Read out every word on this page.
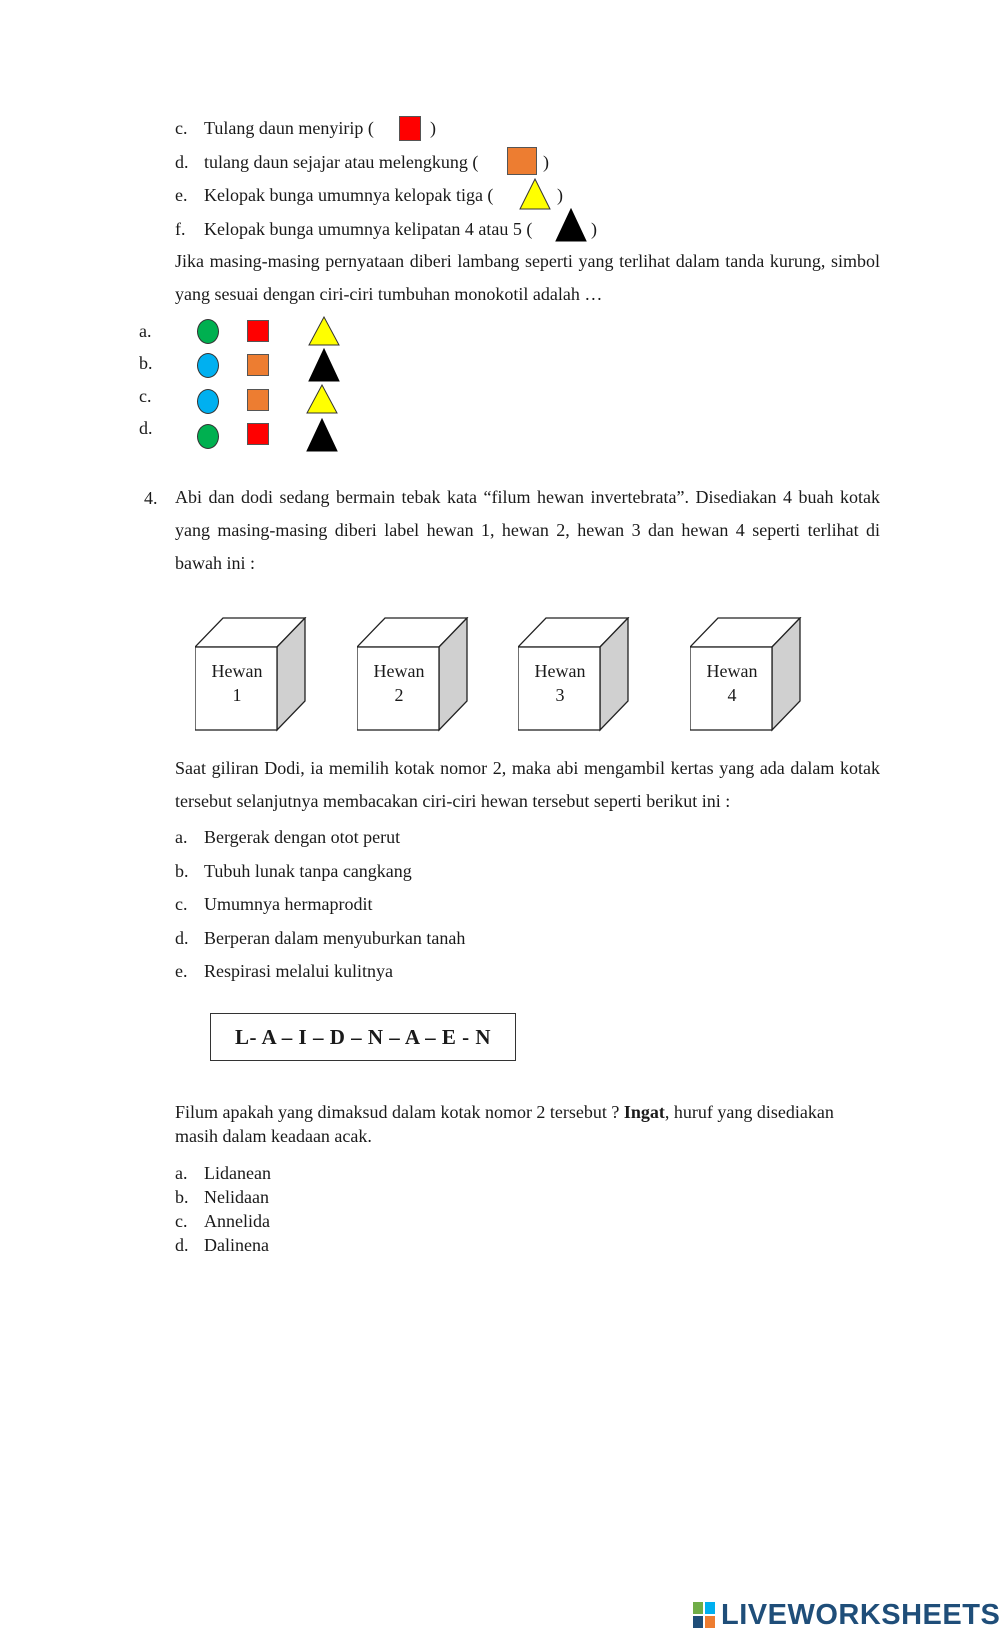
c. Tulang daun menyirip (	)
d. tulang daun sejajar atau melengkung (	)
e. Kelopak bunga umumnya kelopak tiga (	)
f. Kelopak bunga umumnya kelipatan 4 atau 5 (	)
Jika masing-masing pernyataan diberi lambang seperti yang terlihat dalam tanda kurung, simbol yang sesuai dengan ciri-ciri tumbuhan monokotil adalah …
a.
b.
c.
d.
4. Abi dan dodi sedang bermain tebak kata “filum hewan invertebrata”. Disediakan 4 buah kotak yang masing-masing diberi label hewan 1, hewan 2, hewan 3 dan hewan 4 seperti terlihat di bawah ini :
Hewan
1
Hewan
2
Hewan
3
Hewan
4
Saat giliran Dodi, ia memilih kotak nomor 2, maka abi mengambil kertas yang ada dalam kotak tersebut selanjutnya membacakan ciri-ciri hewan tersebut seperti berikut ini :
a. Bergerak dengan otot perut
b. Tubuh lunak tanpa cangkang
c. Umumnya hermaprodit
d. Berperan dalam menyuburkan tanah
e. Respirasi melalui kulitnya
L- A – I – D – N – A – E - N
Filum apakah yang dimaksud dalam kotak nomor 2 tersebut ? Ingat, huruf yang disediakan masih dalam keadaan acak.
a. Lidanean
b. Nelidaan
c. Annelida
d. Dalinena
LIVEWORKSHEETS
